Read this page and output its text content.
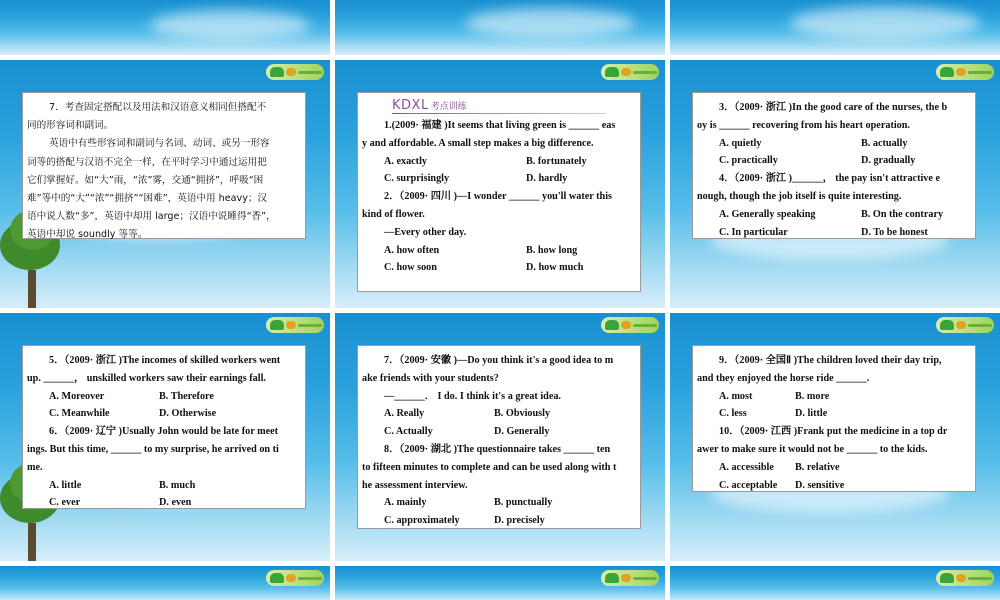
7．考查固定搭配以及用法和汉语意义相同但搭配不

同的形容词和副词。

英语中有些形容词和副词与名词、动词、或另一形容

词等的搭配与汉语不完全一样，在平时学习中通过运用把

它们掌握好。如“大”雨，“浓”雾，交通“拥挤”，呼吸“困

难”等中的“大”“浓”“拥挤”“困难”，英语中用 heavy；汉

语中说人数“多”，英语中却用 large；汉语中说睡得“香”，

英语中却说 soundly 等等。

KDXL 考点训练

1.(2009· 福建 )It seems that living green is ______ eas

y and affordable. A small step makes a big difference.

A. exactly	B. fortunately
C. surprisingly	D. hardly

2．（2009· 四川 )—I wonder ______ you'll water this

kind of flower.

—Every other day.

A. how often	B. how long
C. how soon	D. how much

3．（2009· 浙江 )In the good care of the nurses, the b

oy is ______ recovering from his heart operation.

A. quietly	B. actually
C. practically	D. gradually

4．（2009· 浙江 )______， the pay isn't attractive e

nough, though the job itself is quite interesting.

A. Generally speaking	B. On the contrary
C. In particular	D. To be honest

5．（2009· 浙江 )The incomes of skilled workers went

up. ______， unskilled workers saw their earnings fall.

A. Moreover	B. Therefore
C. Meanwhile	D. Otherwise

6．（2009· 辽宁 )Usually John would be late for meet

ings. But this time, ______ to my surprise, he arrived on ti

me.

A. little	B. much
C. ever	D. even

7．（2009· 安徽 )—Do you think it's a good idea to m

ake friends with your students?

—______． I do. I think it's a great idea.

A. Really	B. Obviously
C. Actually	D. Generally

8．（2009· 湖北 )The questionnaire takes ______ ten

to fifteen minutes to complete and can be used along with t

he assessment interview.

A. mainly	B. punctually
C. approximately	D. precisely

9．（2009· 全国Ⅱ )The children loved their day trip,

and they enjoyed the horse ride ______.

A. most	B. more
C. less	D. little

10．（2009· 江西 )Frank put the medicine in a top dr

awer to make sure it would not be ______ to the kids.

A. accessible	B. relative
C. acceptable	D. sensitive
